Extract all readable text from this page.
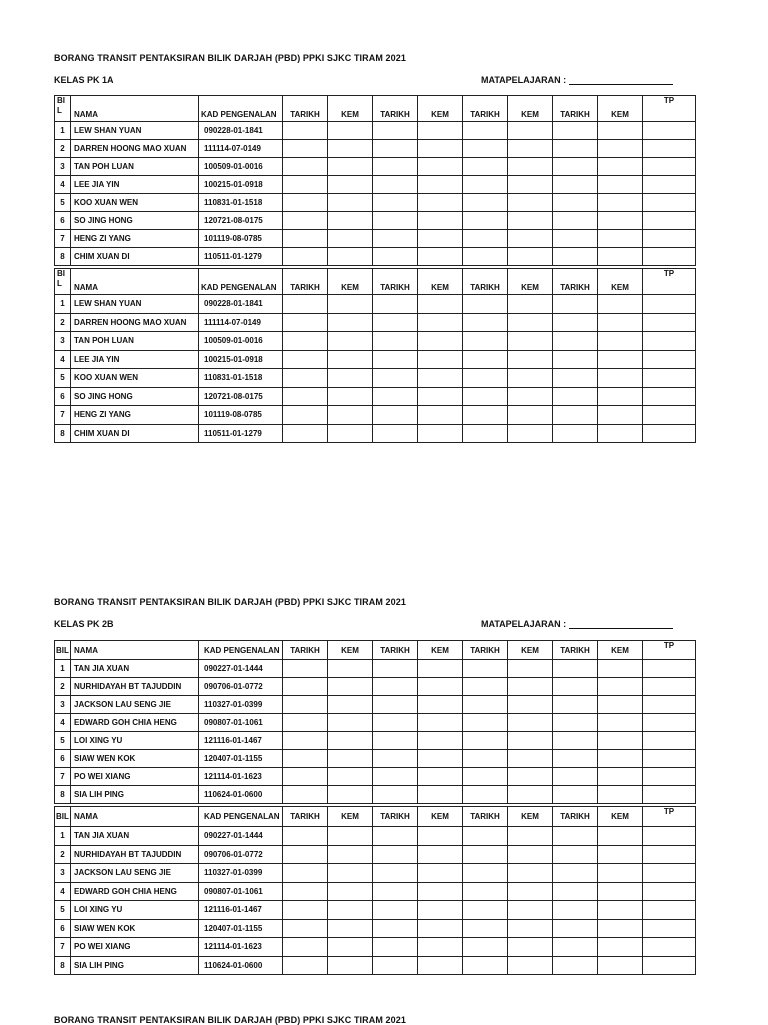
BORANG TRANSIT PENTAKSIRAN BILIK DARJAH (PBD) PPKI SJKC TIRAM 2021
KELAS PK 1A	MATAPELAJARAN :
BI
L	NAMA	KAD PENGENALAN	TARIKH	KEM	TARIKH	KEM	TARIKH	KEM	TARIKH	KEM	TP
1	LEW SHAN YUAN	090228-01-1841									
2	DARREN HOONG MAO XUAN	111114-07-0149									
3	TAN POH LUAN	100509-01-0016									
4	LEE JIA YIN	100215-01-0918									
5	KOO XUAN WEN	110831-01-1518									
6	SO JING HONG	120721-08-0175									
7	HENG ZI YANG	101119-08-0785									
8	CHIM XUAN DI	110511-01-1279									
BI
L	NAMA	KAD PENGENALAN	TARIKH	KEM	TARIKH	KEM	TARIKH	KEM	TARIKH	KEM	TP
1	LEW SHAN YUAN	090228-01-1841									
2	DARREN HOONG MAO XUAN	111114-07-0149									
3	TAN POH LUAN	100509-01-0016									
4	LEE JIA YIN	100215-01-0918									
5	KOO XUAN WEN	110831-01-1518									
6	SO JING HONG	120721-08-0175									
7	HENG ZI YANG	101119-08-0785									
8	CHIM XUAN DI	110511-01-1279									
BORANG TRANSIT PENTAKSIRAN BILIK DARJAH (PBD) PPKI SJKC TIRAM 2021
KELAS PK 2B	MATAPELAJARAN :
BIL	NAMA	KAD PENGENALAN	TARIKH	KEM	TARIKH	KEM	TARIKH	KEM	TARIKH	KEM	TP
1	TAN JIA XUAN	090227-01-1444									
2	NURHIDAYAH BT TAJUDDIN	090706-01-0772									
3	JACKSON LAU SENG JIE	110327-01-0399									
4	EDWARD GOH CHIA HENG	090807-01-1061									
5	LOI XING YU	121116-01-1467									
6	SIAW WEN KOK	120407-01-1155									
7	PO WEI XIANG	121114-01-1623									
8	SIA LIH PING	110624-01-0600									
BIL	NAMA	KAD PENGENALAN	TARIKH	KEM	TARIKH	KEM	TARIKH	KEM	TARIKH	KEM	TP
1	TAN JIA XUAN	090227-01-1444									
2	NURHIDAYAH BT TAJUDDIN	090706-01-0772									
3	JACKSON LAU SENG JIE	110327-01-0399									
4	EDWARD GOH CHIA HENG	090807-01-1061									
5	LOI XING YU	121116-01-1467									
6	SIAW WEN KOK	120407-01-1155									
7	PO WEI XIANG	121114-01-1623									
8	SIA LIH PING	110624-01-0600									
BORANG TRANSIT PENTAKSIRAN BILIK DARJAH (PBD) PPKI SJKC TIRAM 2021
